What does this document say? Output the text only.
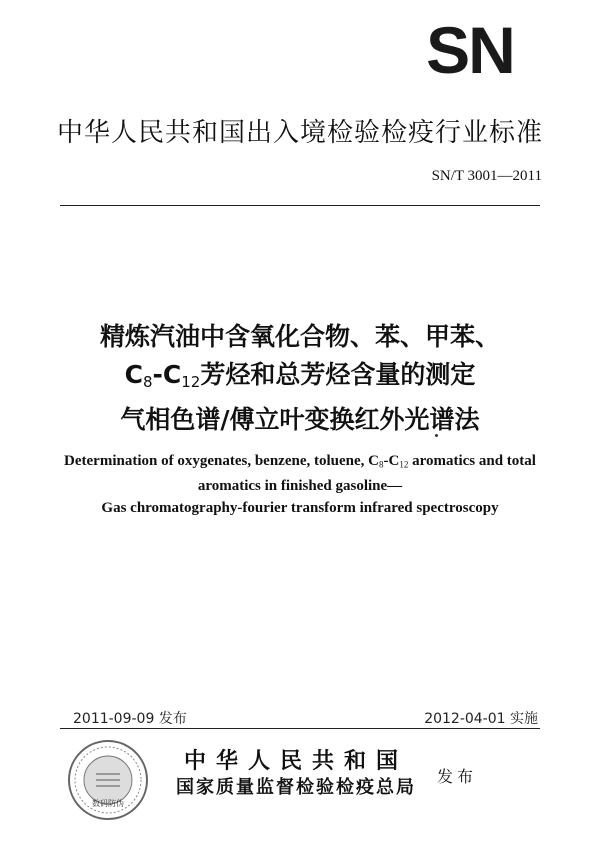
SN
中华人民共和国出入境检验检疫行业标准
SN/T 3001—2011
精炼汽油中含氧化合物、苯、甲苯、
$C_8-C_{12}$芳烃和总芳烃含量的测定
气相色谱/傅立叶变换红外光谱法
Determination of oxygenates, benzene, toluene, $C_8-C_{12}$ aromatics and total
aromatics in finished gasoline—
Gas chromatography-fourier transform infrared spectroscopy
2011-09-09 发布	2012-04-01 实施
数码防伪
中华人民共和国
国家质量监督检验检疫总局
发布
